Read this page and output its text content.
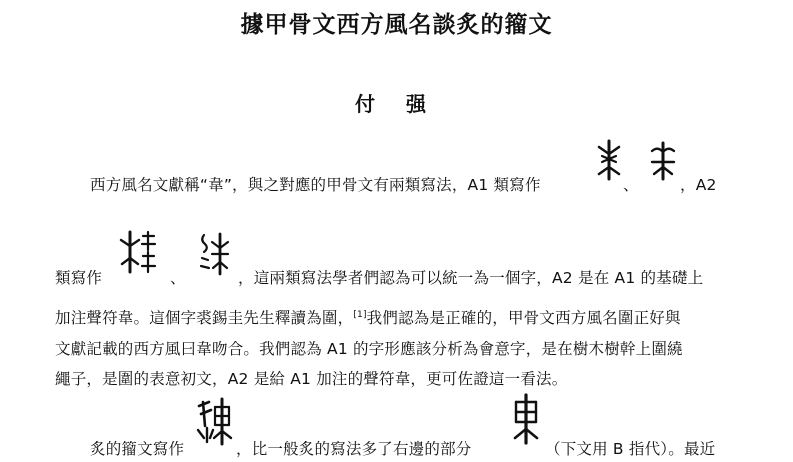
據甲骨文西方風名談炙的籀文
付 强
西方風名文獻稱“韋”，與之對應的甲骨文有兩類寫法，A1 類寫作	、	，A2
類寫作	、	，這兩類寫法學者們認為可以統一為一個字，A2 是在 A1 的基礎上
加注聲符韋。這個字裘錫圭先生釋讀為圍，[1]我們認為是正確的，甲骨文西方風名圍正好與
文獻記載的西方風曰韋吻合。我們認為 A1 的字形應該分析為會意字，是在樹木樹幹上圍繞
繩子，是圍的表意初文，A2 是給 A1 加注的聲符韋，更可佐證這一看法。
炙的籀文寫作	，比一般炙的寫法多了右邊的部分	（下文用 B 指代）。最近
